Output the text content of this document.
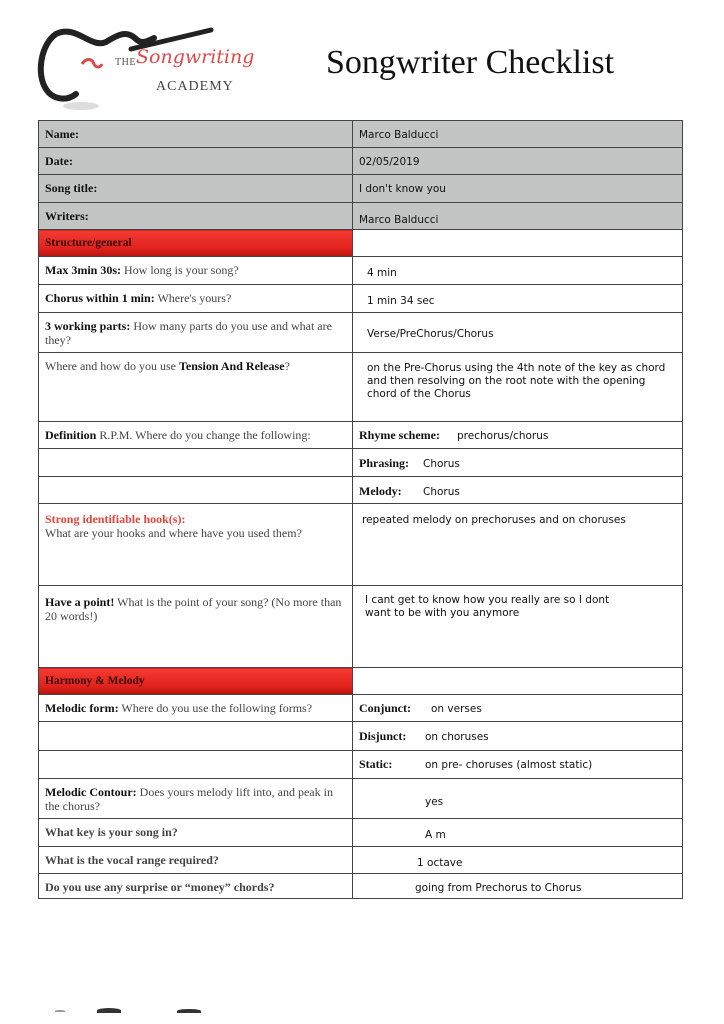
THE Songwriting
ACADEMY
Songwriter Checklist
Name:	Marco Balducci
Date:	02/05/2019
Song title:	I don't know you
Writers:	Marco Balducci
Structure/general	
Max 3min 30s: How long is your song?	4 min
Chorus within 1 min: Where's yours?	1 min 34 sec
3 working parts: How many parts do you use and what are they?	Verse/PreChorus/Chorus
Where and how do you use Tension And Release?	on the Pre-Chorus using the 4th note of the key as chord and then resolving on the root note with the opening chord of the Chorus
Definition R.P.M. Where do you change the following:	Rhyme scheme: prechorus/chorus
	Phrasing: Chorus
	Melody: Chorus
Strong identifiable hook(s):
What are your hooks and where have you used them?	repeated melody on prechoruses and on choruses
Have a point! What is the point of your song? (No more than 20 words!)	I cant get to know how you really are so I dont want to be with you anymore
Harmony & Melody	
Melodic form: Where do you use the following forms?	Conjunct: on verses
	Disjunct: on choruses
	Static: on pre- choruses (almost static)
Melodic Contour: Does yours melody lift into, and peak in the chorus?	yes
What key is your song in?	A m
What is the vocal range required?	1 octave
Do you use any surprise or “money” chords?	going from Prechorus to Chorus
